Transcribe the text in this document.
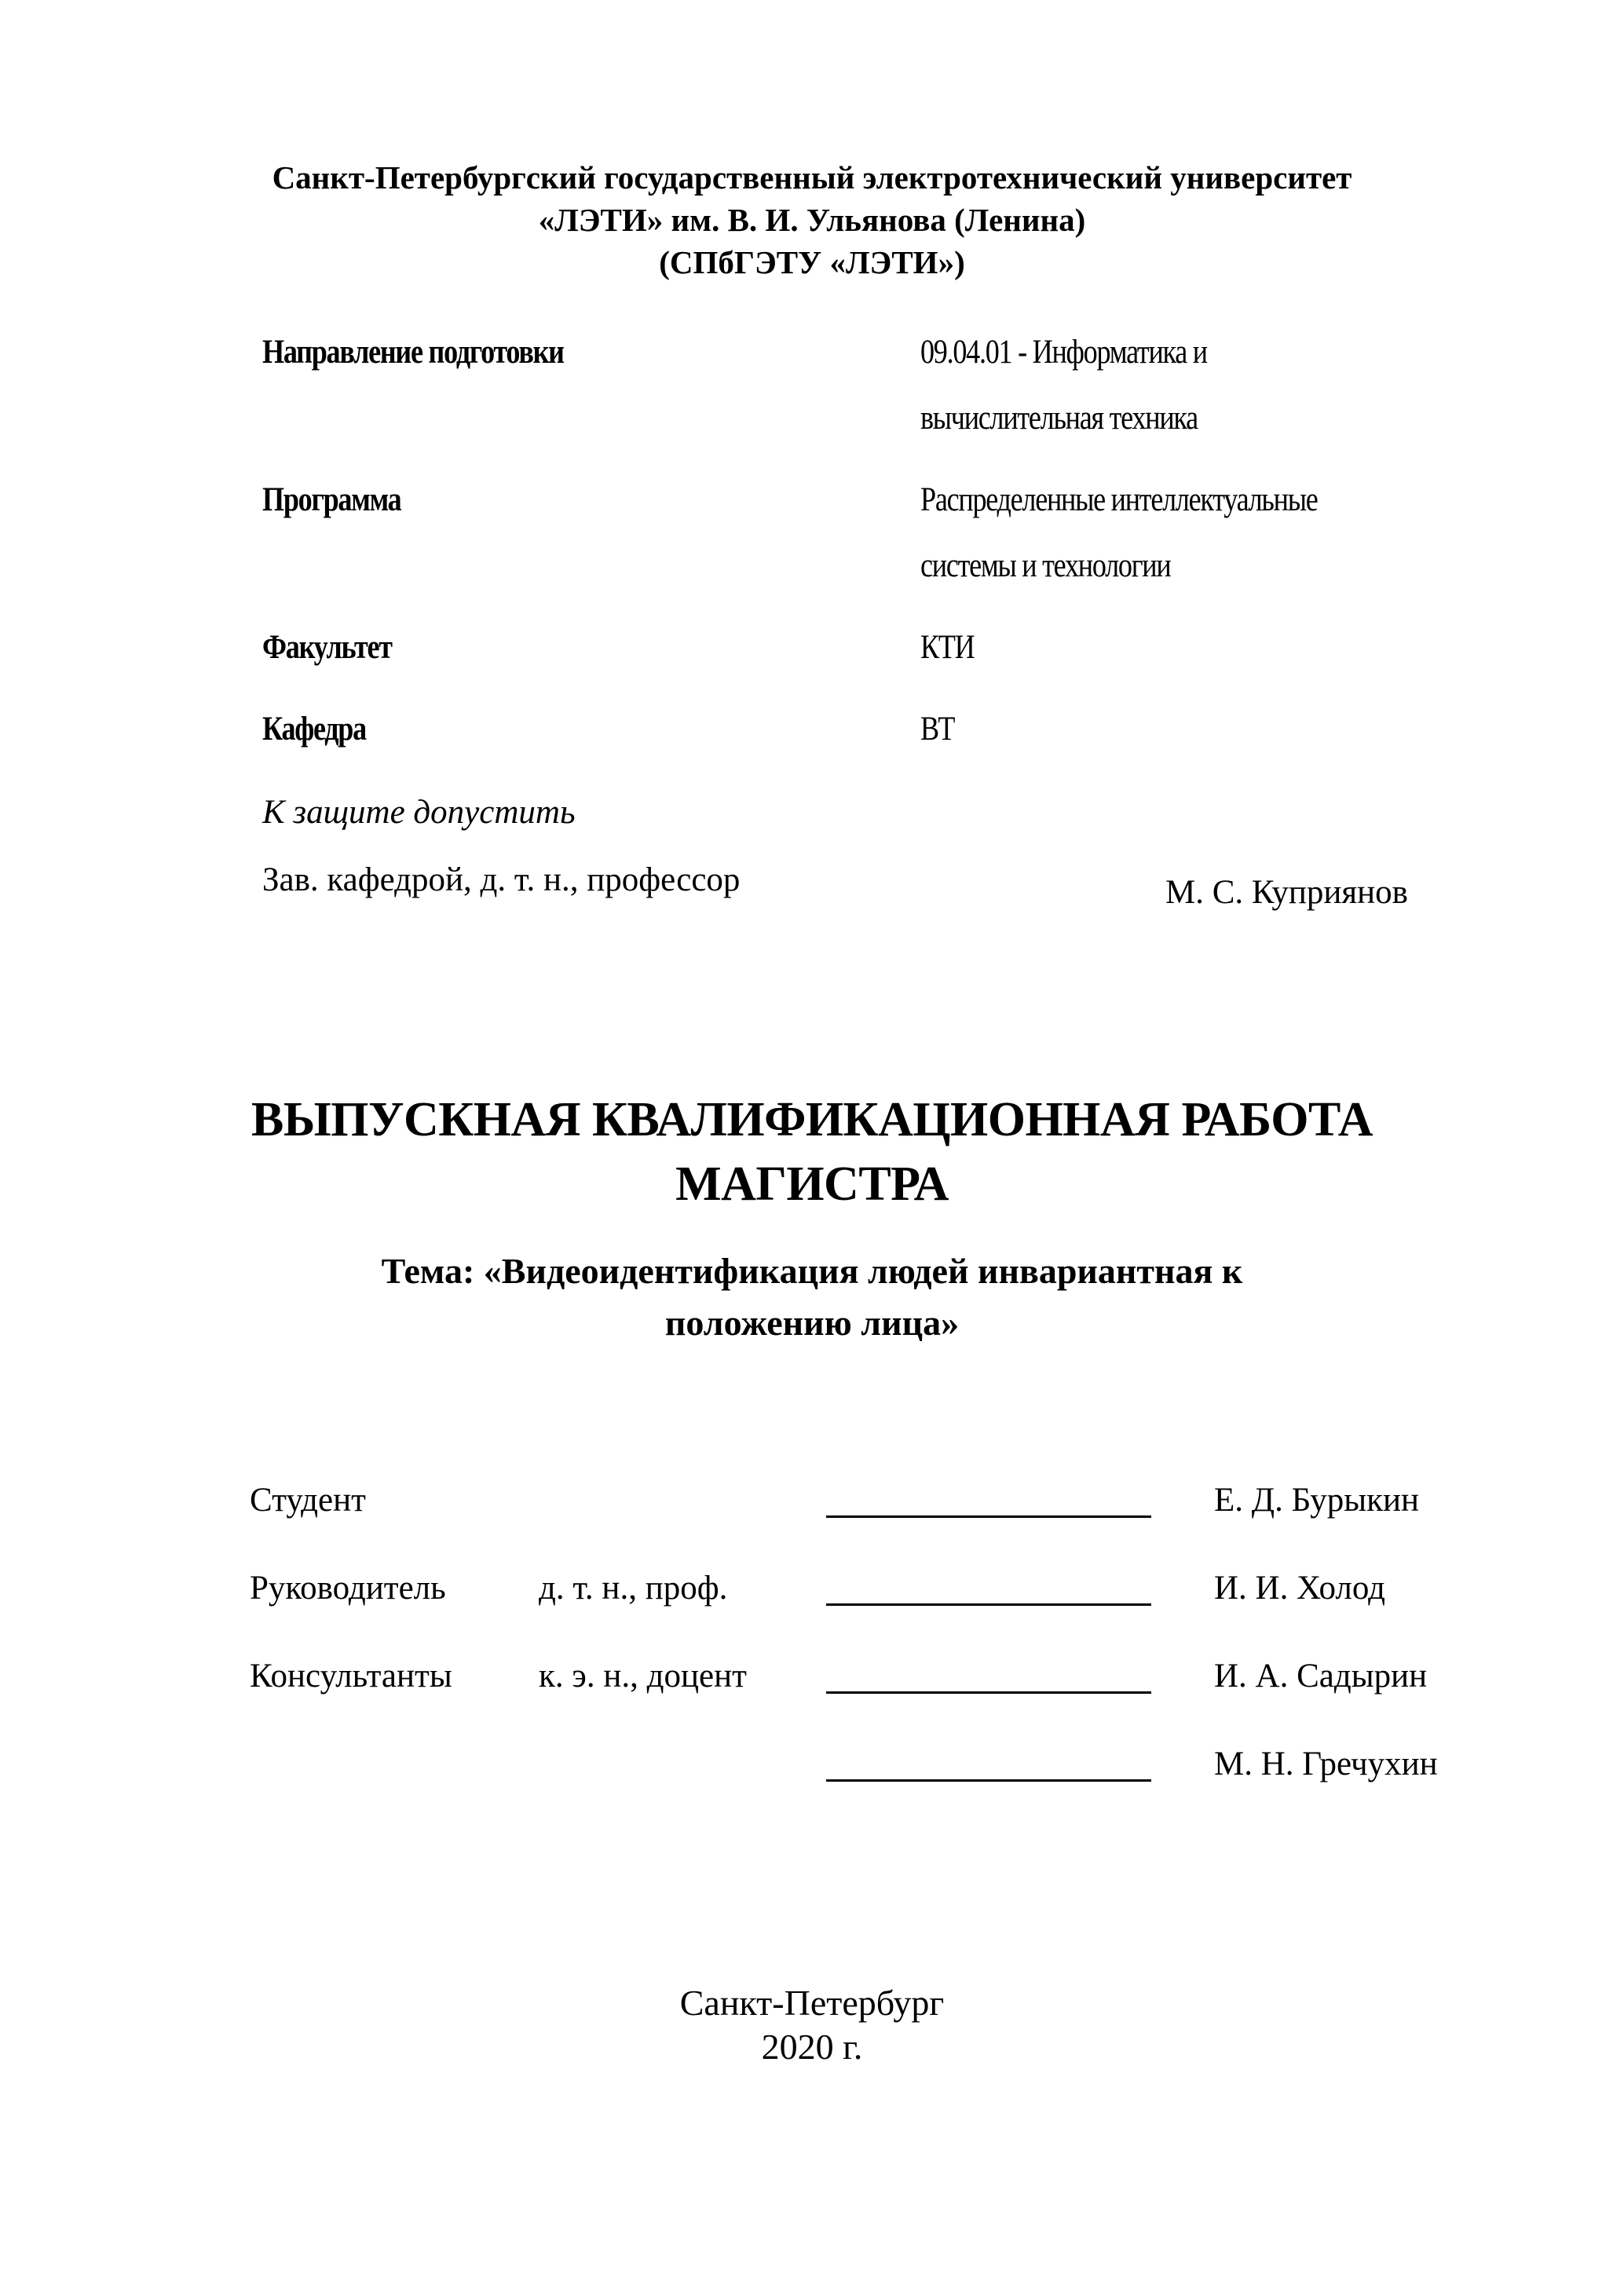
Санкт-Петербургский государственный электротехнический университет
«ЛЭТИ» им. В. И. Ульянова (Ленина)
(СПбГЭТУ «ЛЭТИ»)
Направление подготовки	09.04.01 - Информатика и
вычислительная техника
Программа	Распределенные интеллектуальные
системы и технологии
Факультет	КТИ
Кафедра	ВТ
К защите допустить
Зав. кафедрой, д. т. н., профессор	М. С. Куприянов
ВЫПУСКНАЯ КВАЛИФИКАЦИОННАЯ РАБОТА
МАГИСТРА
Тема: «Видеоидентификация людей инвариантная к
положению лица»
Студент	Е. Д. Бурыкин
Руководитель	д. т. н., проф.	И. И. Холод
Консультанты	к. э. н., доцент	И. А. Садырин
М. Н. Гречухин
Санкт-Петербург
2020 г.
